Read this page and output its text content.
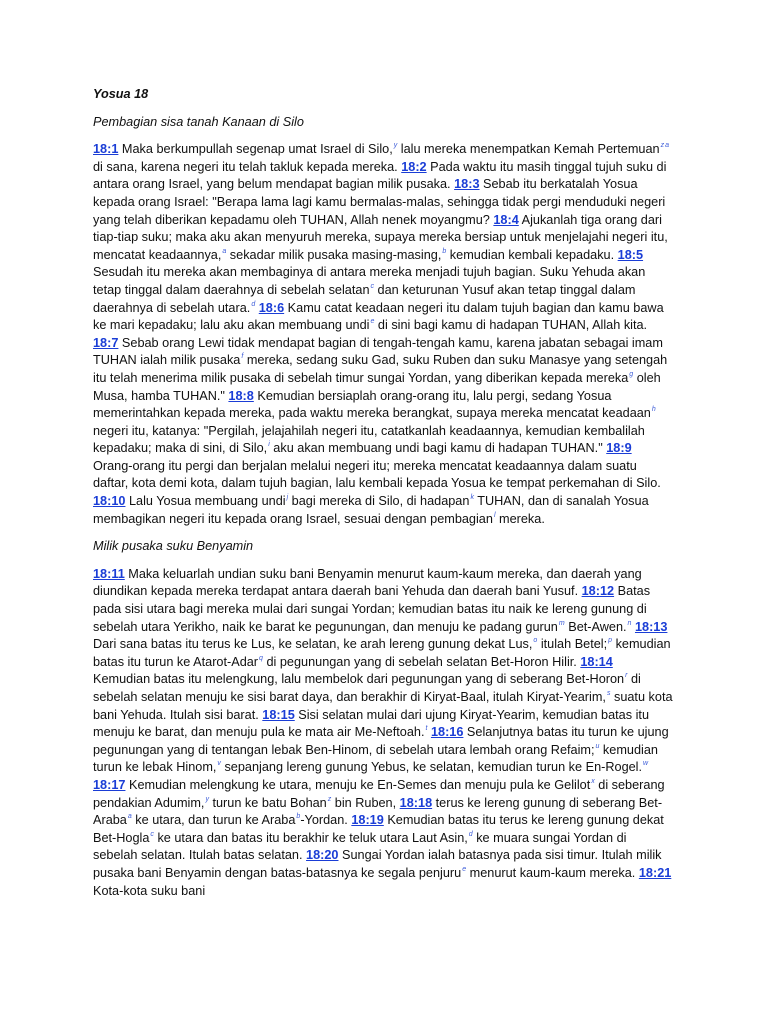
Yosua 18
Pembagian sisa tanah Kanaan di Silo

18:1 Maka berkumpullah segenap umat Israel di Silo,$^y$ lalu mereka menempatkan Kemah Pertemuan$^{za}$ di sana, karena negeri itu telah takluk kepada mereka. 18:2 Pada waktu itu masih tinggal tujuh suku di antara orang Israel, yang belum mendapat bagian milik pusaka. 18:3 Sebab itu berkatalah Yosua kepada orang Israel: "Berapa lama lagi kamu bermalas-malas, sehingga tidak pergi menduduki negeri yang telah diberikan kepadamu oleh TUHAN, Allah nenek moyangmu? 18:4 Ajukanlah tiga orang dari tiap-tiap suku; maka aku akan menyuruh mereka, supaya mereka bersiap untuk menjelajahi negeri itu, mencatat keadaannya,$^a$ sekadar milik pusaka masing-masing,$^b$ kemudian kembali kepadaku. 18:5 Sesudah itu mereka akan membaginya di antara mereka menjadi tujuh bagian. Suku Yehuda akan tetap tinggal dalam daerahnya di sebelah selatan$^c$ dan keturunan Yusuf akan tetap tinggal dalam daerahnya di sebelah utara.$^d$ 18:6 Kamu catat keadaan negeri itu dalam tujuh bagian dan kamu bawa ke mari kepadaku; lalu aku akan membuang undi$^e$ di sini bagi kamu di hadapan TUHAN, Allah kita. 18:7 Sebab orang Lewi tidak mendapat bagian di tengah-tengah kamu, karena jabatan sebagai imam TUHAN ialah milik pusaka$^f$ mereka, sedang suku Gad, suku Ruben dan suku Manasye yang setengah itu telah menerima milik pusaka di sebelah timur sungai Yordan, yang diberikan kepada mereka$^g$ oleh Musa, hamba TUHAN." 18:8 Kemudian bersiaplah orang-orang itu, lalu pergi, sedang Yosua memerintahkan kepada mereka, pada waktu mereka berangkat, supaya mereka mencatat keadaan$^h$ negeri itu, katanya: "Pergilah, jelajahilah negeri itu, catatkanlah keadaannya, kemudian kembalilah kepadaku; maka di sini, di Silo,$^i$ aku akan membuang undi bagi kamu di hadapan TUHAN." 18:9 Orang-orang itu pergi dan berjalan melalui negeri itu; mereka mencatat keadaannya dalam suatu daftar, kota demi kota, dalam tujuh bagian, lalu kembali kepada Yosua ke tempat perkemahan di Silo. 18:10 Lalu Yosua membuang undi$^j$ bagi mereka di Silo, di hadapan$^k$ TUHAN, dan di sanalah Yosua membagikan negeri itu kepada orang Israel, sesuai dengan pembagian$^l$ mereka.

Milik pusaka suku Benyamin

18:11 Maka keluarlah undian suku bani Benyamin menurut kaum-kaum mereka, dan daerah yang diundikan kepada mereka terdapat antara daerah bani Yehuda dan daerah bani Yusuf. 18:12 Batas pada sisi utara bagi mereka mulai dari sungai Yordan; kemudian batas itu naik ke lereng gunung di sebelah utara Yerikho, naik ke barat ke pegunungan, dan menuju ke padang gurun$^m$ Bet-Awen.$^n$ 18:13 Dari sana batas itu terus ke Lus, ke selatan, ke arah lereng gunung dekat Lus,$^o$ itulah Betel;$^p$ kemudian batas itu turun ke Atarot-Adar$^q$ di pegunungan yang di sebelah selatan Bet-Horon Hilir. 18:14 Kemudian batas itu melengkung, lalu membelok dari pegunungan yang di seberang Bet-Horon$^r$ di sebelah selatan menuju ke sisi barat daya, dan berakhir di Kiryat-Baal, itulah Kiryat-Yearim,$^s$ suatu kota bani Yehuda. Itulah sisi barat. 18:15 Sisi selatan mulai dari ujung Kiryat-Yearim, kemudian batas itu menuju ke barat, dan menuju pula ke mata air Me-Neftoah.$^t$ 18:16 Selanjutnya batas itu turun ke ujung pegunungan yang di tentangan lebak Ben-Hinom, di sebelah utara lembah orang Refaim;$^u$ kemudian turun ke lebak Hinom,$^v$ sepanjang lereng gunung Yebus, ke selatan, kemudian turun ke En-Rogel.$^w$ 18:17 Kemudian melengkung ke utara, menuju ke En-Semes dan menuju pula ke Gelilot$^x$ di seberang pendakian Adumim,$^y$ turun ke batu Bohan$^z$ bin Ruben, 18:18 terus ke lereng gunung di seberang Bet-Araba$^a$ ke utara, dan turun ke Araba$^b$-Yordan. 18:19 Kemudian batas itu terus ke lereng gunung dekat Bet-Hogla$^c$ ke utara dan batas itu berakhir ke teluk utara Laut Asin,$^d$ ke muara sungai Yordan di sebelah selatan. Itulah batas selatan. 18:20 Sungai Yordan ialah batasnya pada sisi timur. Itulah milik pusaka bani Benyamin dengan batas-batasnya ke segala penjuru$^e$ menurut kaum-kaum mereka. 18:21 Kota-kota suku bani
